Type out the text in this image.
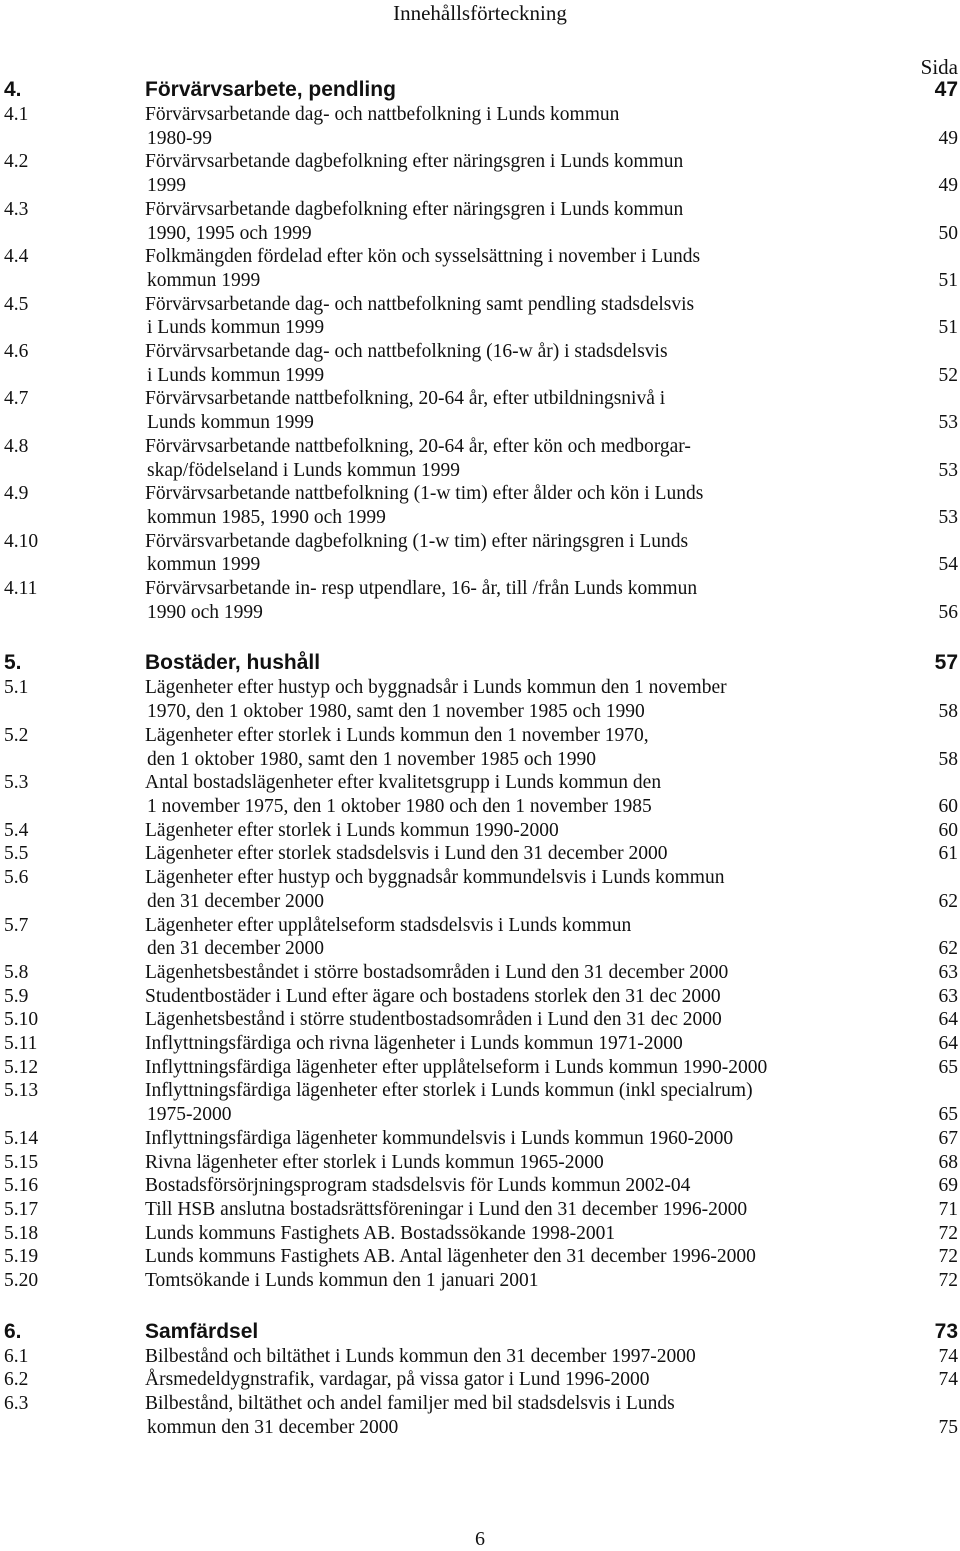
Innehållsförteckning
Sida
4.	Förvärvsarbete, pendling	47
4.1	Förvärvsarbetande dag- och nattbefolkning i Lunds kommun
1980-99	49
4.2	Förvärvsarbetande dagbefolkning efter näringsgren i Lunds kommun
1999	49
4.3	Förvärvsarbetande dagbefolkning efter näringsgren i Lunds kommun
1990, 1995 och 1999	50
4.4	Folkmängden fördelad efter kön och sysselsättning i november i Lunds
kommun 1999	51
4.5	Förvärvsarbetande dag- och nattbefolkning samt pendling stadsdelsvis
i Lunds kommun 1999	51
4.6	Förvärvsarbetande dag- och nattbefolkning (16-w år) i stadsdelsvis
i Lunds kommun 1999	52
4.7	Förvärvsarbetande nattbefolkning, 20-64 år, efter utbildningsnivå i
Lunds kommun 1999	53
4.8	Förvärvsarbetande nattbefolkning, 20-64 år, efter kön och medborgar-
skap/födelseland i Lunds kommun 1999	53
4.9	Förvärvsarbetande nattbefolkning (1-w tim) efter ålder och kön i Lunds
kommun 1985, 1990 och 1999	53
4.10	Förvärsvarbetande dagbefolkning (1-w tim) efter näringsgren i Lunds
kommun 1999	54
4.11	Förvärvsarbetande in- resp utpendlare, 16- år, till /från Lunds kommun
1990 och 1999	56
5.	Bostäder, hushåll	57
5.1	Lägenheter efter hustyp och byggnadsår i Lunds kommun den 1 november
1970, den 1 oktober 1980, samt den 1 november 1985 och 1990	58
5.2	Lägenheter efter storlek i Lunds kommun den 1 november 1970,
den 1 oktober 1980, samt den 1 november 1985 och 1990	58
5.3	Antal bostadslägenheter efter kvalitetsgrupp i Lunds kommun den
1 november 1975, den 1 oktober 1980 och den 1 november 1985	60
5.4	Lägenheter efter storlek i Lunds kommun 1990-2000	60
5.5	Lägenheter efter storlek stadsdelsvis i Lund den 31 december 2000	61
5.6	Lägenheter efter hustyp och byggnadsår kommundelsvis i Lunds kommun
den 31 december 2000	62
5.7	Lägenheter efter upplåtelseform stadsdelsvis i Lunds kommun
den 31 december 2000	62
5.8	Lägenhetsbeståndet i större bostadsområden i Lund den 31 december 2000	63
5.9	Studentbostäder i Lund efter ägare och bostadens storlek den 31 dec 2000	63
5.10	Lägenhetsbestånd i större studentbostadsområden i Lund den 31 dec 2000	64
5.11	Inflyttningsfärdiga och rivna lägenheter i Lunds kommun 1971-2000	64
5.12	Inflyttningsfärdiga lägenheter efter upplåtelseform i Lunds kommun 1990-2000	65
5.13	Inflyttningsfärdiga lägenheter efter storlek i Lunds kommun (inkl specialrum)
1975-2000	65
5.14	Inflyttningsfärdiga lägenheter kommundelsvis i Lunds kommun 1960-2000	67
5.15	Rivna lägenheter efter storlek i Lunds kommun 1965-2000	68
5.16	Bostadsförsörjningsprogram stadsdelsvis för Lunds kommun 2002-04	69
5.17	Till HSB anslutna bostadsrättsföreningar i Lund den 31 december 1996-2000	71
5.18	Lunds kommuns Fastighets AB. Bostadssökande 1998-2001	72
5.19	Lunds kommuns Fastighets AB. Antal lägenheter den 31 december 1996-2000	72
5.20	Tomtsökande i Lunds kommun den 1 januari 2001	72
6.	Samfärdsel	73
6.1	Bilbestånd och biltäthet i Lunds kommun den 31 december 1997-2000	74
6.2	Årsmedeldygnstrafik, vardagar, på vissa gator i Lund 1996-2000	74
6.3	Bilbestånd, biltäthet och andel familjer med bil stadsdelsvis i Lunds
kommun den 31 december 2000	75
6
